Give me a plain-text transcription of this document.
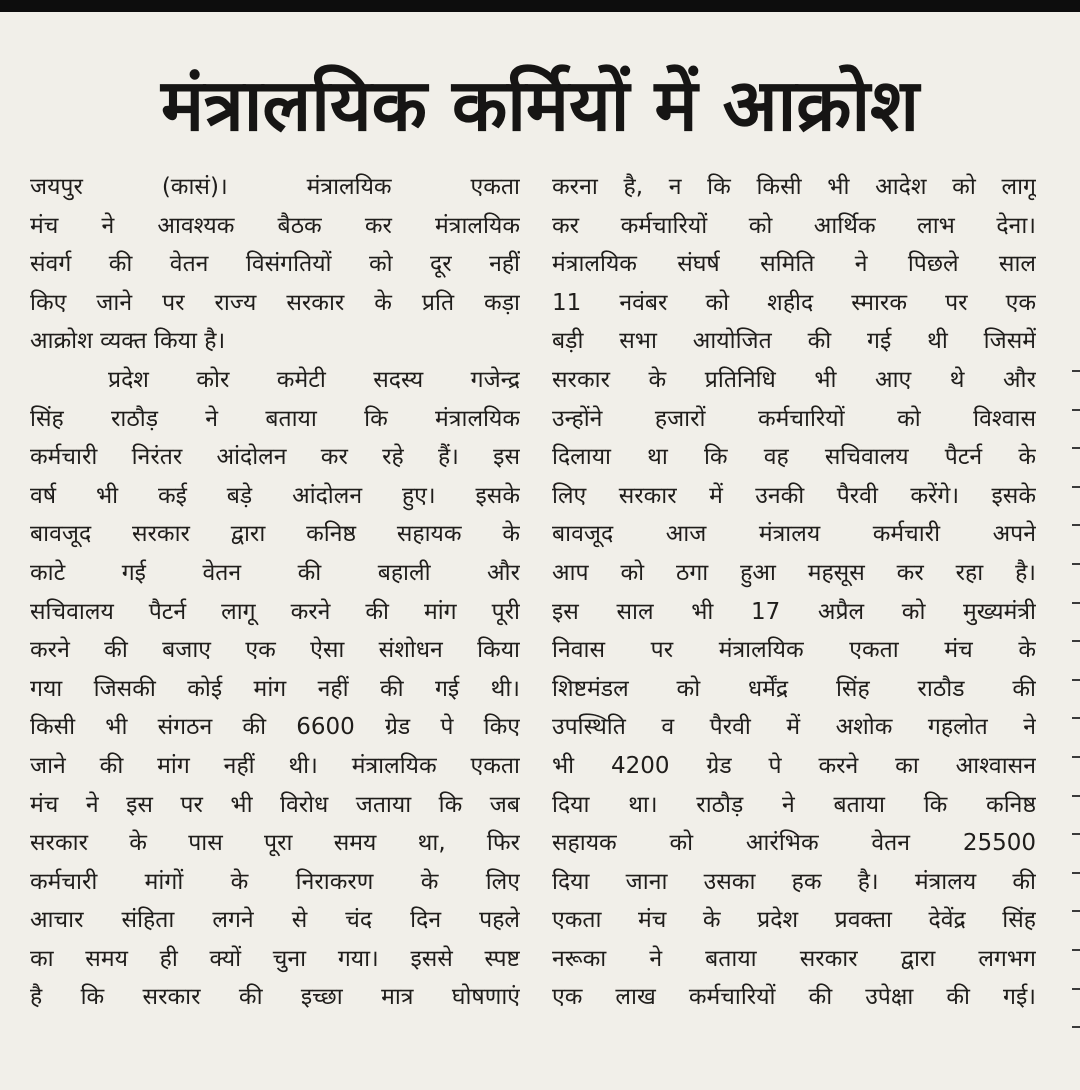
मंत्रालयिक कर्मियों में आक्रोश
जयपुर (कासं)। मंत्रालयिक एकता
मंच ने आवश्यक बैठक कर मंत्रालयिक
संवर्ग की वेतन विसंगतियों को दूर नहीं
किए जाने पर राज्य सरकार के प्रति कड़ा
आक्रोश व्यक्त किया है।
प्रदेश कोर कमेटी सदस्य गजेन्द्र
सिंह राठौड़ ने बताया कि मंत्रालयिक
कर्मचारी निरंतर आंदोलन कर रहे हैं। इस
वर्ष भी कई बड़े आंदोलन हुए। इसके
बावजूद सरकार द्वारा कनिष्ठ सहायक के
काटे गई वेतन की बहाली और
सचिवालय पैटर्न लागू करने की मांग पूरी
करने की बजाए एक ऐसा संशोधन किया
गया जिसकी कोई मांग नहीं की गई थी।
किसी भी संगठन की 6600 ग्रेड पे किए
जाने की मांग नहीं थी। मंत्रालयिक एकता
मंच ने इस पर भी विरोध जताया कि जब
सरकार के पास पूरा समय था, फिर
कर्मचारी मांगों के निराकरण के लिए
आचार संहिता लगने से चंद दिन पहले
का समय ही क्यों चुना गया। इससे स्पष्ट
है कि सरकार की इच्छा मात्र घोषणाएं
करना है, न कि किसी भी आदेश को लागू
कर कर्मचारियों को आर्थिक लाभ देना।
मंत्रालयिक संघर्ष समिति ने पिछले साल
11 नवंबर को शहीद स्मारक पर एक
बड़ी सभा आयोजित की गई थी जिसमें
सरकार के प्रतिनिधि भी आए थे और
उन्होंने हजारों कर्मचारियों को विश्वास
दिलाया था कि वह सचिवालय पैटर्न के
लिए सरकार में उनकी पैरवी करेंगे। इसके
बावजूद आज मंत्रालय कर्मचारी अपने
आप को ठगा हुआ महसूस कर रहा है।
इस साल भी 17 अप्रैल को मुख्यमंत्री
निवास पर मंत्रालयिक एकता मंच के
शिष्टमंडल को धर्मेंद्र सिंह राठौड की
उपस्थिति व पैरवी में अशोक गहलोत ने
भी 4200 ग्रेड पे करने का आश्वासन
दिया था। राठौड़ ने बताया कि कनिष्ठ
सहायक को आरंभिक वेतन 25500
दिया जाना उसका हक है। मंत्रालय की
एकता मंच के प्रदेश प्रवक्ता देवेंद्र सिंह
नरूका ने बताया सरकार द्वारा लगभग
एक लाख कर्मचारियों की उपेक्षा की गई।
